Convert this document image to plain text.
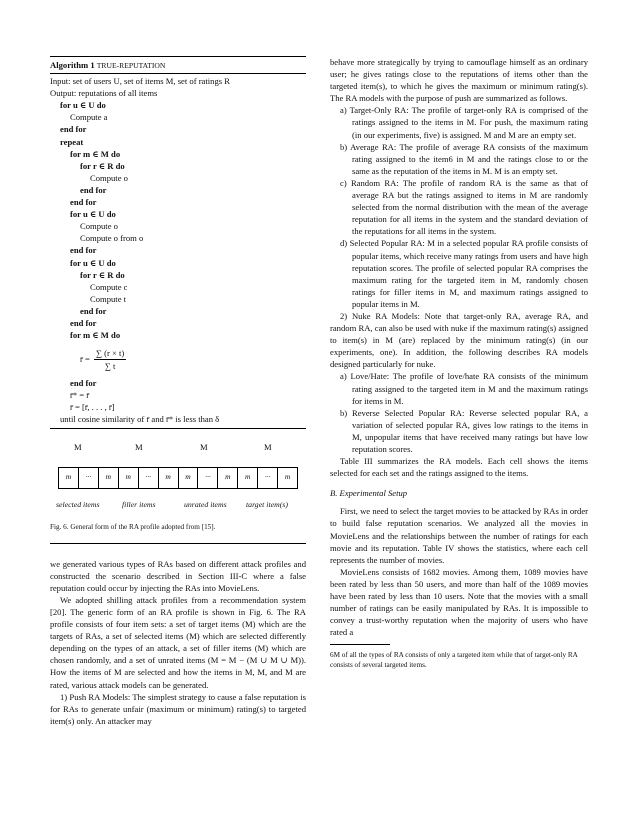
Algorithm 1 TRUE-REPUTATION
Input: set of users U, set of items M, set of ratings R
Output: reputations of all items
for u ∈ U do
Compute a
end for
repeat
for m ∈ M do
for r ∈ R do
Compute o
end for
end for
for u ∈ U do
Compute o
Compute o from o
end for
for u ∈ U do
for r ∈ R do
Compute c
Compute t
end for
end for
for m ∈ M do
r̄ = $\frac{\sum (r \times t)}{\sum t}$
end for
r̄* = r̄
r̄ = [r̄, . . . , r̄]
until cosine similarity of r̄ and r̄* is less than δ
M	M	M	M
m	···	m	m	···	m	m	···	m	m	···	m
selected items	filler items	unrated items target item(s)
Fig. 6. General form of the RA profile adopted from [15].

we generated various types of RAs based on different attack profiles and constructed the scenario described in Section III-C where a false reputation could occur by injecting the RAs into MovieLens.

We adopted shilling attack profiles from a recommendation system [20]. The generic form of an RA profile is shown in Fig. 6. The RA profile consists of four item sets: a set of target items (M) which are the targets of RAs, a set of selected items (M) which are selected differently depending on the types of an attack, a set of filler items (M) which are chosen randomly, and a set of unrated items (M = M − (M ∪ M ∪ M)). How the items of M are selected and how the items in M, M, and M are rated, various attack models can be generated.

1) Push RA Models: The simplest strategy to cause a false reputation is for RAs to generate unfair (maximum or minimum) rating(s) to targeted item(s) only. An attacker may

behave more strategically by trying to camouflage himself as an ordinary user; he gives ratings close to the reputations of items other than the targeted item(s), to which he gives the maximum or minimum rating(s). The RA models with the purpose of push are summarized as follows.

a) Target-Only RA: The profile of target-only RA is comprised of the ratings assigned to the items in M. For push, the maximum rating (in our experiments, five) is assigned. M and M are an empty set.

b) Average RA: The profile of average RA consists of the maximum rating assigned to the item6 in M and the ratings close to or the same as the reputation of the items in M. M is an empty set.

c) Random RA: The profile of random RA is the same as that of average RA but the ratings assigned to items in M are randomly selected from the normal distribution with the mean of the average reputation for all items in the system and the standard deviation of the reputations for all items in the system.

d) Selected Popular RA: M in a selected popular RA profile consists of popular items, which receive many ratings from users and have high reputation scores. The profile of selected popular RA comprises the maximum rating for the targeted item in M, randomly chosen ratings for filler items in M, and maximum ratings assigned to popular items in M.

2) Nuke RA Models: Note that target-only RA, average RA, and random RA, can also be used with nuke if the maximum rating(s) assigned to item(s) in M (are) replaced by the minimum rating(s) (in our experiments, one). In addition, the following describes RA models designed particularly for nuke.

a) Love/Hate: The profile of love/hate RA consists of the minimum rating assigned to the targeted item in M and the maximum ratings for items in M.

b) Reverse Selected Popular RA: Reverse selected popular RA, a variation of selected popular RA, gives low ratings to the items in M, unpopular items that have received many ratings but have low reputation scores.

Table III summarizes the RA models. Each cell shows the items selected for each set and the ratings assigned to the items.

B. Experimental Setup

First, we need to select the target movies to be attacked by RAs in order to build false reputation scenarios. We analyzed all the movies in MovieLens and the relationships between the number of ratings for each movie and its reputation. Table IV shows the statistics, where each cell represents the number of movies.

MovieLens consists of 1682 movies. Among them, 1089 movies have been rated by less than 50 users, and more than half of the 1089 movies have been rated by less than 10 users. Note that the movies with a small number of ratings can be easily manipulated by RAs. It is impossible to convey a trust-worthy reputation when the majority of users who have rated a

6M of all the types of RA consists of only a targeted item while that of target-only RA consists of several targeted items.
